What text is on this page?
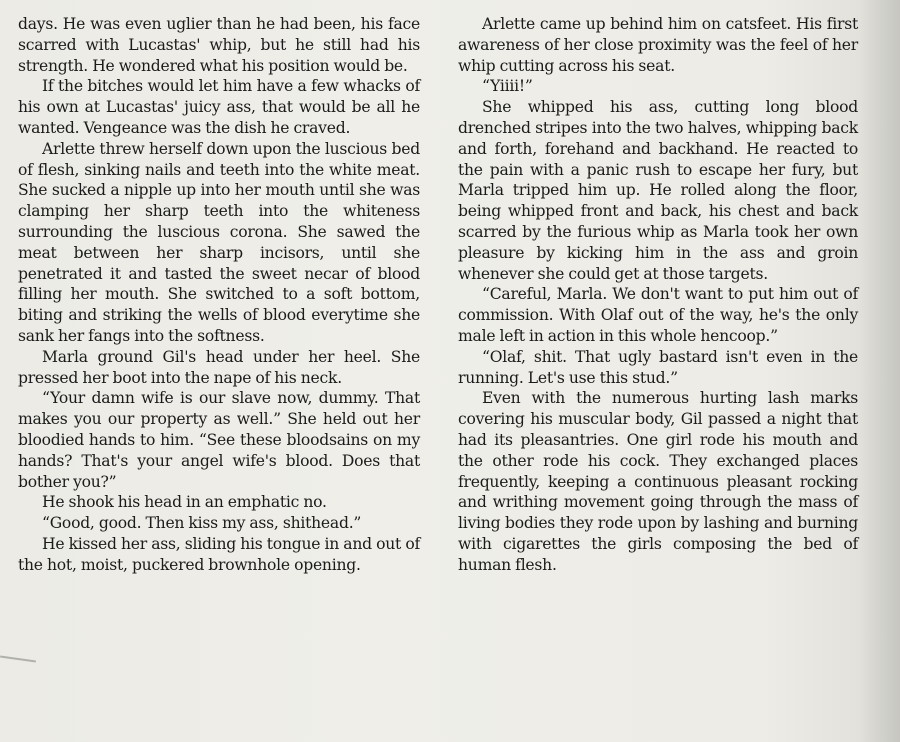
days. He was even uglier than he had been, his face scarred with Lucastas' whip, but he still had his strength. He wondered what his position would be.

If the bitches would let him have a few whacks of his own at Lucastas' juicy ass, that would be all he wanted. Vengeance was the dish he craved.

Arlette threw herself down upon the luscious bed of flesh, sinking nails and teeth into the white meat. She sucked a nipple up into her mouth until she was clamping her sharp teeth into the whiteness surrounding the luscious corona. She sawed the meat between her sharp incisors, until she penetrated it and tasted the sweet necar of blood filling her mouth. She switched to a soft bottom, biting and striking the wells of blood everytime she sank her fangs into the softness.

Marla ground Gil's head under her heel. She pressed her boot into the nape of his neck.

“Your damn wife is our slave now, dummy. That makes you our property as well.” She held out her bloodied hands to him. “See these bloodsains on my hands? That's your angel wife's blood. Does that bother you?”

He shook his head in an emphatic no.

“Good, good. Then kiss my ass, shithead.”

He kissed her ass, sliding his tongue in and out of the hot, moist, puckered brownhole opening.

Arlette came up behind him on catsfeet. His first awareness of her close proximity was the feel of her whip cutting across his seat.

“Yiiii!”

She whipped his ass, cutting long blood drenched stripes into the two halves, whipping back and forth, forehand and backhand. He reacted to the pain with a panic rush to escape her fury, but Marla tripped him up. He rolled along the floor, being whipped front and back, his chest and back scarred by the furious whip as Marla took her own pleasure by kicking him in the ass and groin whenever she could get at those targets.

“Careful, Marla. We don't want to put him out of commission. With Olaf out of the way, he's the only male left in action in this whole hencoop.”

“Olaf, shit. That ugly bastard isn't even in the running. Let's use this stud.”

Even with the numerous hurting lash marks covering his muscular body, Gil passed a night that had its pleasantries. One girl rode his mouth and the other rode his cock. They exchanged places frequently, keeping a continuous pleasant rocking and writhing movement going through the mass of living bodies they rode upon by lashing and burning with cigarettes the girls composing the bed of human flesh.
